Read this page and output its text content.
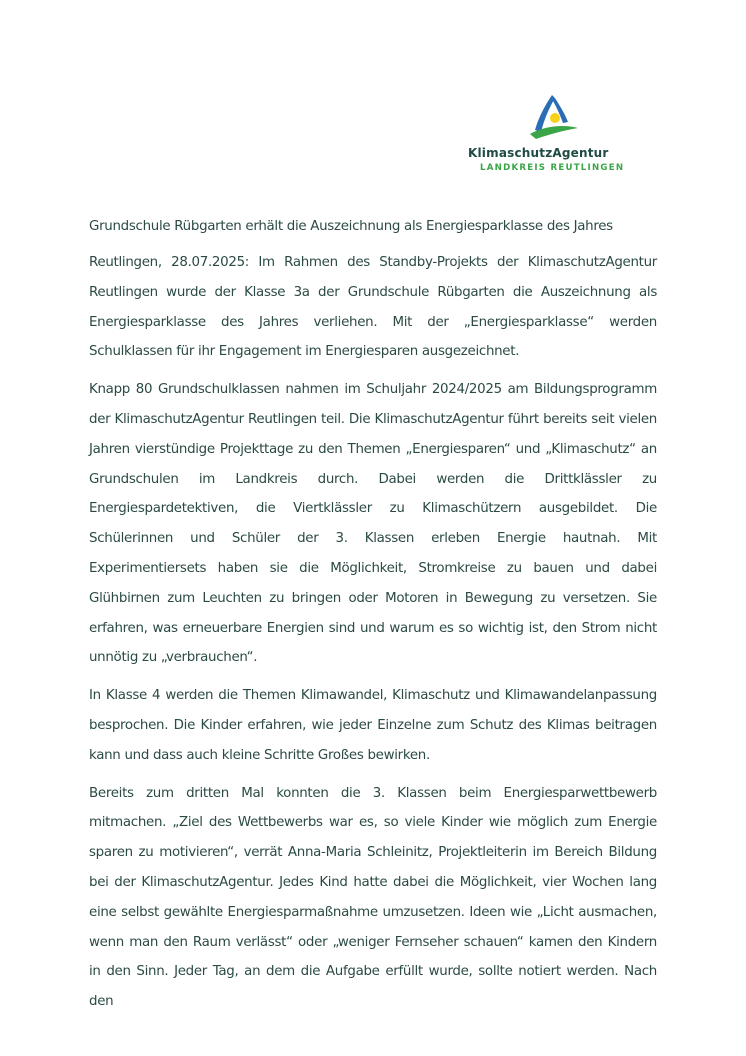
KlimaschutzAgentur
LANDKREIS REUTLINGEN

Grundschule Rübgarten erhält die Auszeichnung als Energiesparklasse des Jahres

Reutlingen, 28.07.2025: Im Rahmen des Standby-Projekts der KlimaschutzAgentur Reutlingen wurde der Klasse 3a der Grundschule Rübgarten die Auszeichnung als Energiesparklasse des Jahres verliehen. Mit der „Energiesparklasse“ werden Schulklassen für ihr Engagement im Energiesparen ausgezeichnet.

Knapp 80 Grundschulklassen nahmen im Schuljahr 2024/2025 am Bildungsprogramm der KlimaschutzAgentur Reutlingen teil. Die KlimaschutzAgentur führt bereits seit vielen Jahren vierstündige Projekttage zu den Themen „Energiesparen“ und „Klimaschutz“ an Grundschulen im Landkreis durch. Dabei werden die Drittklässler zu Energiespardetektiven, die Viertklässler zu Klimaschützern ausgebildet. Die Schülerinnen und Schüler der 3. Klassen erleben Energie hautnah. Mit Experimentiersets haben sie die Möglichkeit, Stromkreise zu bauen und dabei Glühbirnen zum Leuchten zu bringen oder Motoren in Bewegung zu versetzen. Sie erfahren, was erneuerbare Energien sind und warum es so wichtig ist, den Strom nicht unnötig zu „verbrauchen“.

In Klasse 4 werden die Themen Klimawandel, Klimaschutz und Klimawandelanpassung besprochen. Die Kinder erfahren, wie jeder Einzelne zum Schutz des Klimas beitragen kann und dass auch kleine Schritte Großes bewirken.

Bereits zum dritten Mal konnten die 3. Klassen beim Energiesparwettbewerb mitmachen. „Ziel des Wettbewerbs war es, so viele Kinder wie möglich zum Energie sparen zu motivieren“, verrät Anna-Maria Schleinitz, Projektleiterin im Bereich Bildung bei der KlimaschutzAgentur. Jedes Kind hatte dabei die Möglichkeit, vier Wochen lang eine selbst gewählte Energiesparmaßnahme umzusetzen. Ideen wie „Licht ausmachen, wenn man den Raum verlässt“ oder „weniger Fernseher schauen“ kamen den Kindern in den Sinn. Jeder Tag, an dem die Aufgabe erfüllt wurde, sollte notiert werden. Nach den
